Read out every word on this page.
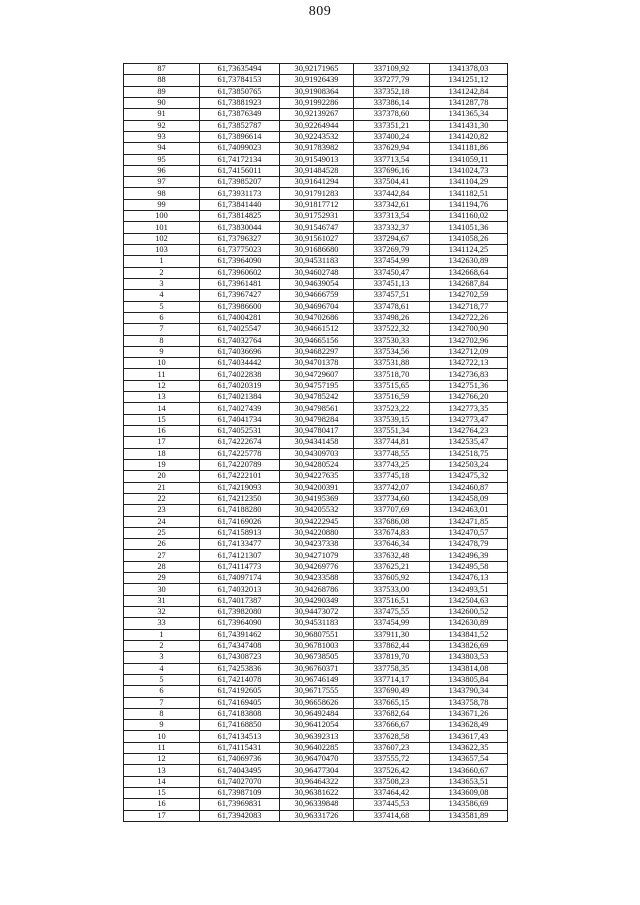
809
87	61,73635494	30,92171965	337109,92	1341378,03
88	61,73784153	30,91926439	337277,79	1341251,12
89	61,73850765	30,91908364	337352,18	1341242,84
90	61,73881923	30,91992286	337386,14	1341287,78
91	61,73876349	30,92139267	337378,60	1341365,34
92	61,73852787	30,92264944	337351,21	1341431,30
93	61,73896614	30,92243532	337400,24	1341420,82
94	61,74099023	30,91783982	337629,94	1341181,86
95	61,74172134	30,91549013	337713,54	1341059,11
96	61,74156011	30,91484528	337696,16	1341024,73
97	61,73985207	30,91641294	337504,41	1341104,29
98	61,73931173	30,91791283	337442,84	1341182,51
99	61,73841440	30,91817712	337342,61	1341194,76
100	61,73814825	30,91752931	337313,54	1341160,02
101	61,73830044	30,91546747	337332,37	1341051,36
102	61,73796327	30,91561027	337294,67	1341058,26
103	61,73775023	30,91686680	337269,79	1341124,25
1	61,73964090	30,94531183	337454,99	1342630,89
2	61,73960602	30,94602748	337450,47	1342668,64
3	61,73961481	30,94639054	337451,13	1342687,84
4	61,73967427	30,94666759	337457,51	1342702,59
5	61,73986600	30,94696704	337478,61	1342718,77
6	61,74004281	30,94702686	337498,26	1342722,26
7	61,74025547	30,94661512	337522,32	1342700,90
8	61,74032764	30,94665156	337530,33	1342702,96
9	61,74036696	30,94682297	337534,56	1342712,09
10	61,74034442	30,94701378	337531,88	1342722,13
11	61,74022838	30,94729607	337518,70	1342736,83
12	61,74020319	30,94757195	337515,65	1342751,36
13	61,74021384	30,94785242	337516,59	1342766,20
14	61,74027439	30,94798561	337523,22	1342773,35
15	61,74041734	30,94798284	337539,15	1342773,47
16	61,74052531	30,94780417	337551,34	1342764,23
17	61,74222674	30,94341458	337744,81	1342535,47
18	61,74225778	30,94309703	337748,55	1342518,75
19	61,74220789	30,94280524	337743,25	1342503,24
20	61,74222101	30,94227635	337745,18	1342475,32
21	61,74219093	30,94200391	337742,07	1342460,87
22	61,74212350	30,94195369	337734,60	1342458,09
23	61,74188280	30,94205532	337707,69	1342463,01
24	61,74169026	30,94222945	337686,08	1342471,85
25	61,74158913	30,94220880	337674,83	1342470,57
26	61,74133477	30,94237338	337646,34	1342478,79
27	61,74121307	30,94271079	337632,48	1342496,39
28	61,74114773	30,94269776	337625,21	1342495,58
29	61,74097174	30,94233588	337605,92	1342476,13
30	61,74032013	30,94268786	337533,00	1342493,51
31	61,74017387	30,94290349	337516,51	1342504,63
32	61,73982080	30,94473072	337475,55	1342600,52
33	61,73964090	30,94531183	337454,99	1342630,89
1	61,74391462	30,96807551	337911,30	1343841,52
2	61,74347408	30,96781003	337862,44	1343826,69
3	61,74308723	30,96738505	337819,70	1343803,53
4	61,74253836	30,96760371	337758,35	1343814,08
5	61,74214078	30,96746149	337714,17	1343805,84
6	61,74192605	30,96717555	337690,49	1343790,34
7	61,74169405	30,96658626	337665,15	1343758,78
8	61,74183808	30,96492484	337682,64	1343671,26
9	61,74168850	30,96412054	337666,67	1343628,49
10	61,74134513	30,96392313	337628,58	1343617,43
11	61,74115431	30,96402285	337607,23	1343622,35
12	61,74069736	30,96470470	337555,72	1343657,54
13	61,74043495	30,96477304	337526,42	1343660,67
14	61,74027070	30,96464322	337508,23	1343653,51
15	61,73987109	30,96381622	337464,42	1343609,08
16	61,73969831	30,96339848	337445,53	1343586,69
17	61,73942083	30,96331726	337414,68	1343581,89
